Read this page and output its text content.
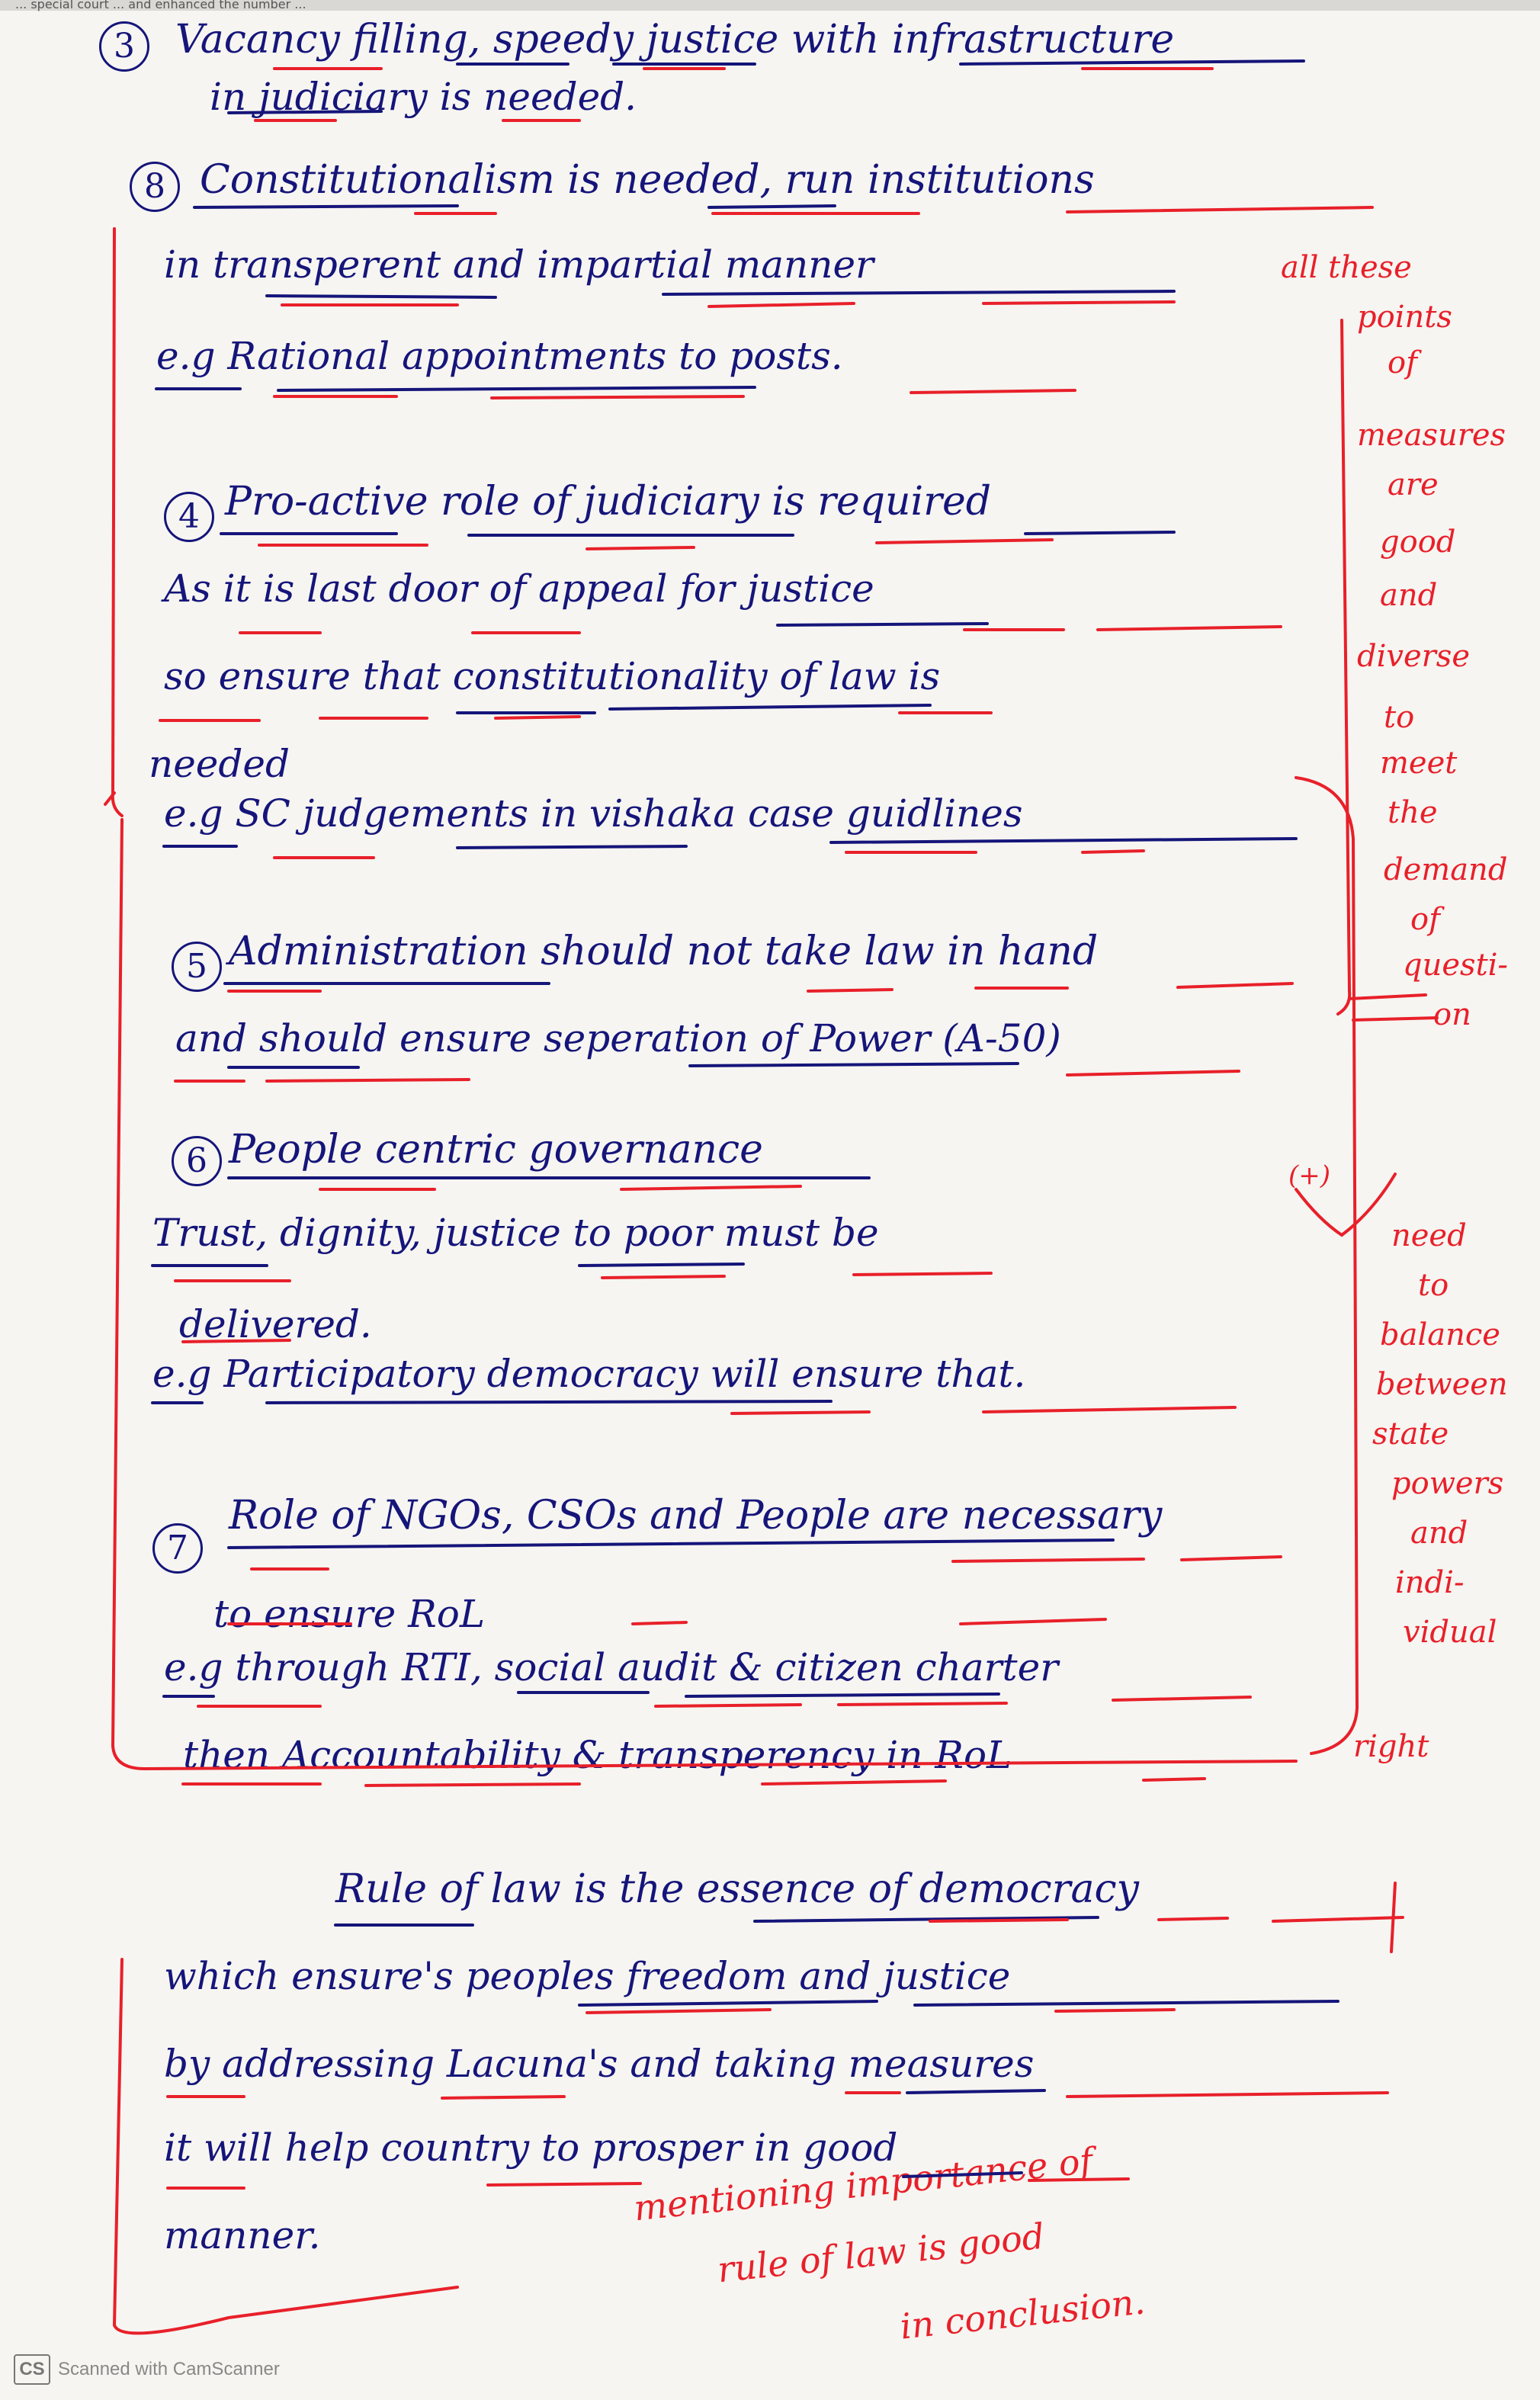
... special court ... and enhanced the number ...
3	Vacancy filling, speedy justice with infrastructure
in judiciary is needed.
8 Constitutionalism is needed, run institutions
in transperent and impartial manner
e.g Rational appointments to posts.
4 Pro-active role of judiciary is required
As it is last door of appeal for justice
so ensure that constitutionality of law is
needed
e.g SC judgements in vishaka case guidlines
5 Administration should not take law in hand
and should ensure seperation of Power (A-50)
6 People centric governance
Trust, dignity, justice to poor must be
delivered.
e.g Participatory democracy will ensure that.
7
Role of NGOs, CSOs and People are necessary
to ensure RoL
e.g through RTI, social audit & citizen charter
then Accountability & transperency in RoL
Rule of law is the essence of democracy
which ensure's peoples freedom and justice
by addressing Lacuna's and taking measures
it will help country to prosper in good
manner.
all these
points
of
measures
are
good
and
diverse
to
meet
the
demand
of
questi-
on
(+)
need
to
balance
between
state
powers
and
indi-
vidual
right
mentioning importance of
rule of law is good
in conclusion.
CS Scanned with CamScanner
